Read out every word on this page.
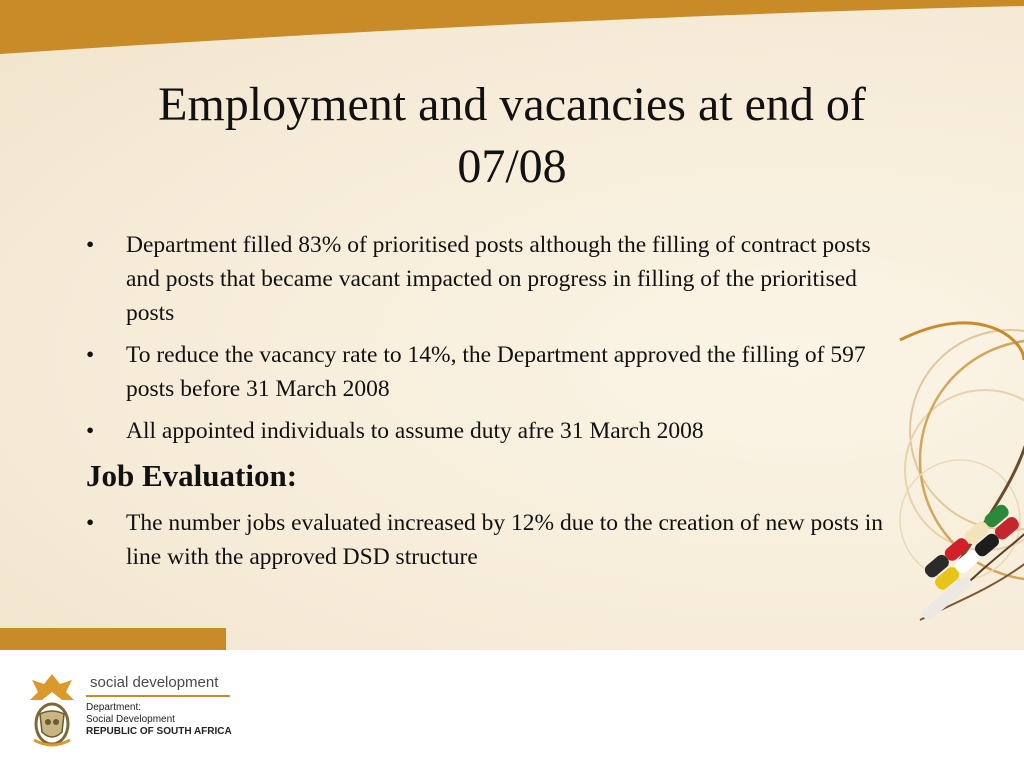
Employment and vacancies at end of
07/08

• Department filled 83% of prioritised posts although the filling of contract posts and posts that became vacant impacted on progress in filling of the prioritised posts

• To reduce the vacancy rate to 14%, the Department approved the filling of 597 posts before 31 March 2008

• All appointed individuals to assume duty afre 31 March 2008

Job Evaluation:

• The number jobs evaluated increased by 12% due to the creation of new posts in line with the approved DSD structure

social development
Department:
Social Development
REPUBLIC OF SOUTH AFRICA
